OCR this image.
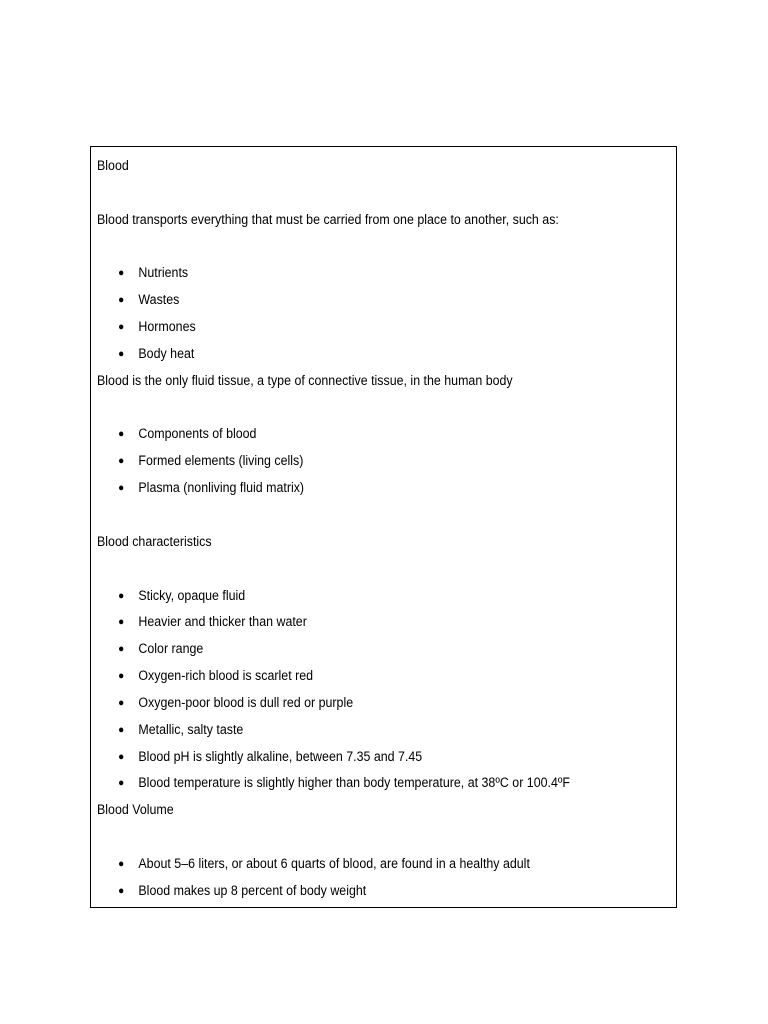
Blood
Blood transports everything that must be carried from one place to another, such as:
● Nutrients
● Wastes
● Hormones
● Body heat
Blood is the only fluid tissue, a type of connective tissue, in the human body
● Components of blood
● Formed elements (living cells)
● Plasma (nonliving fluid matrix)
Blood characteristics
● Sticky, opaque fluid
● Heavier and thicker than water
● Color range
● Oxygen-rich blood is scarlet red
● Oxygen-poor blood is dull red or purple
● Metallic, salty taste
● Blood pH is slightly alkaline, between 7.35 and 7.45
● Blood temperature is slightly higher than body temperature, at 38ºC or 100.4ºF
Blood Volume
● About 5–6 liters, or about 6 quarts of blood, are found in a healthy adult
● Blood makes up 8 percent of body weight
